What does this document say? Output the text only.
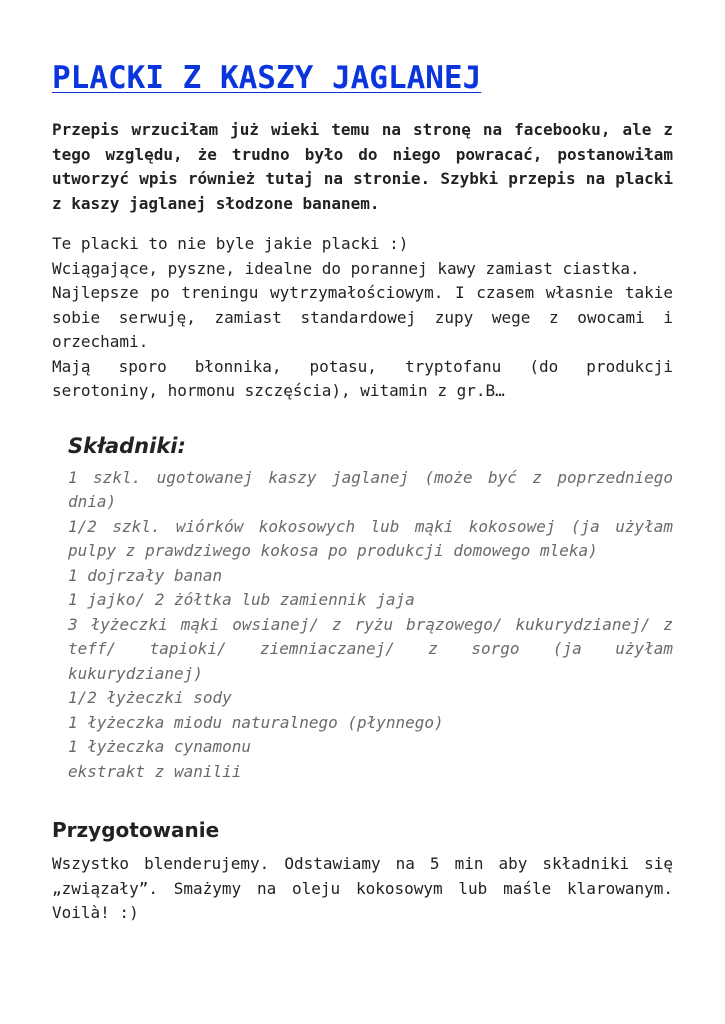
PLACKI Z KASZY JAGLANEJ

Przepis wrzuciłam już wieki temu na stronę na facebooku, ale z tego względu, że trudno było do niego powracać, postanowiłam utworzyć wpis również tutaj na stronie. Szybki przepis na placki z kaszy jaglanej słodzone bananem.

Te placki to nie byle jakie placki :)
Wciągające, pyszne, idealne do porannej kawy zamiast ciastka.
Najlepsze po treningu wytrzymałościowym. I czasem własnie takie sobie serwuję, zamiast standardowej zupy wege z owocami i orzechami.
Mają sporo błonnika, potasu, tryptofanu (do produkcji serotoniny, hormonu szczęścia), witamin z gr.B…
Składniki:
1 szkl. ugotowanej kaszy jaglanej (może być z poprzedniego dnia)
1/2 szkl. wiórków kokosowych lub mąki kokosowej (ja użyłam pulpy z prawdziwego kokosa po produkcji domowego mleka)
1 dojrzały banan
1 jajko/ 2 żółtka lub zamiennik jaja
3 łyżeczki mąki owsianej/ z ryżu brązowego/ kukurydzianej/ z teff/ tapioki/ ziemniaczanej/ z sorgo (ja użyłam kukurydzianej)
1/2 łyżeczki sody
1 łyżeczka miodu naturalnego (płynnego)
1 łyżeczka cynamonu
ekstrakt z wanilii
Przygotowanie

Wszystko blenderujemy. Odstawiamy na 5 min aby składniki się „związały”. Smażymy na oleju kokosowym lub maśle klarowanym. Voilà! :)
